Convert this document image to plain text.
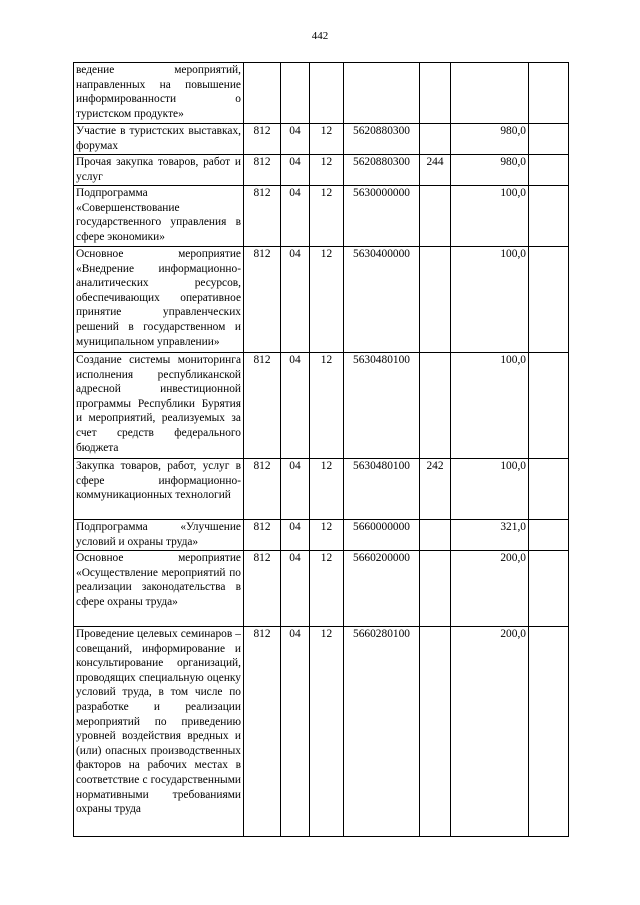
442
ведение мероприятий, направленных на повышение информированности о туристском продукте»							
Участие в туристских выставках, форумах	812	04	12	5620880300		980,0	
Прочая закупка товаров, работ и услуг	812	04	12	5620880300	244	980,0	
Подпрограмма «Совершенствование государственного управления в сфере экономики»	812	04	12	5630000000		100,0	
Основное мероприятие «Внедрение информационно-аналитических ресурсов, обеспечивающих оперативное принятие управленческих решений в государственном и муниципальном управлении»	812	04	12	5630400000		100,0	
Создание системы мониторинга исполнения республиканской адресной инвестиционной программы Республики Бурятия и мероприятий, реализуемых за счет средств федерального бюджета	812	04	12	5630480100		100,0	
Закупка товаров, работ, услуг в сфере информационно-коммуникационных технологий	812	04	12	5630480100	242	100,0	
Подпрограмма «Улучшение условий и охраны труда»	812	04	12	5660000000		321,0	
Основное мероприятие «Осуществление мероприятий по реализации законодательства в сфере охраны труда»	812	04	12	5660200000		200,0	
Проведение целевых семинаров – совещаний, информирование и консультирование организаций, проводящих специальную оценку условий труда, в том числе по разработке и реализации мероприятий по приведению уровней воздействия вредных и (или) опасных производственных факторов на рабочих местах в соответствие с государственными нормативными требованиями охраны труда	812	04	12	5660280100		200,0	
